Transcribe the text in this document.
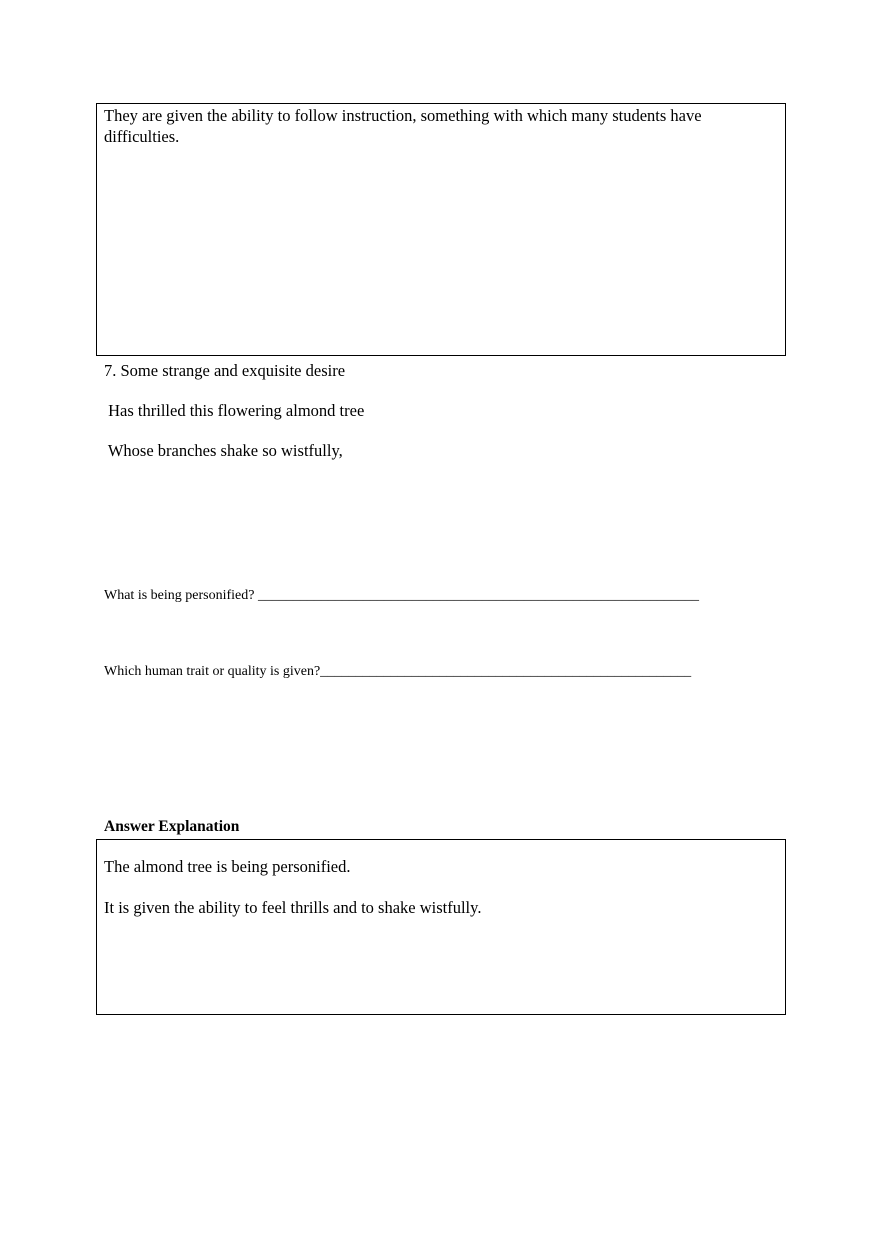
They are given the ability to follow instruction, something with which many students have difficulties.
7. Some strange and exquisite desire
Has thrilled this flowering almond tree
Whose branches shake so wistfully,
What is being personified? _______________________________________________________________
Which human trait or quality is given?_____________________________________________________
Answer Explanation
The almond tree is being personified.
It is given the ability to feel thrills and to shake wistfully.
